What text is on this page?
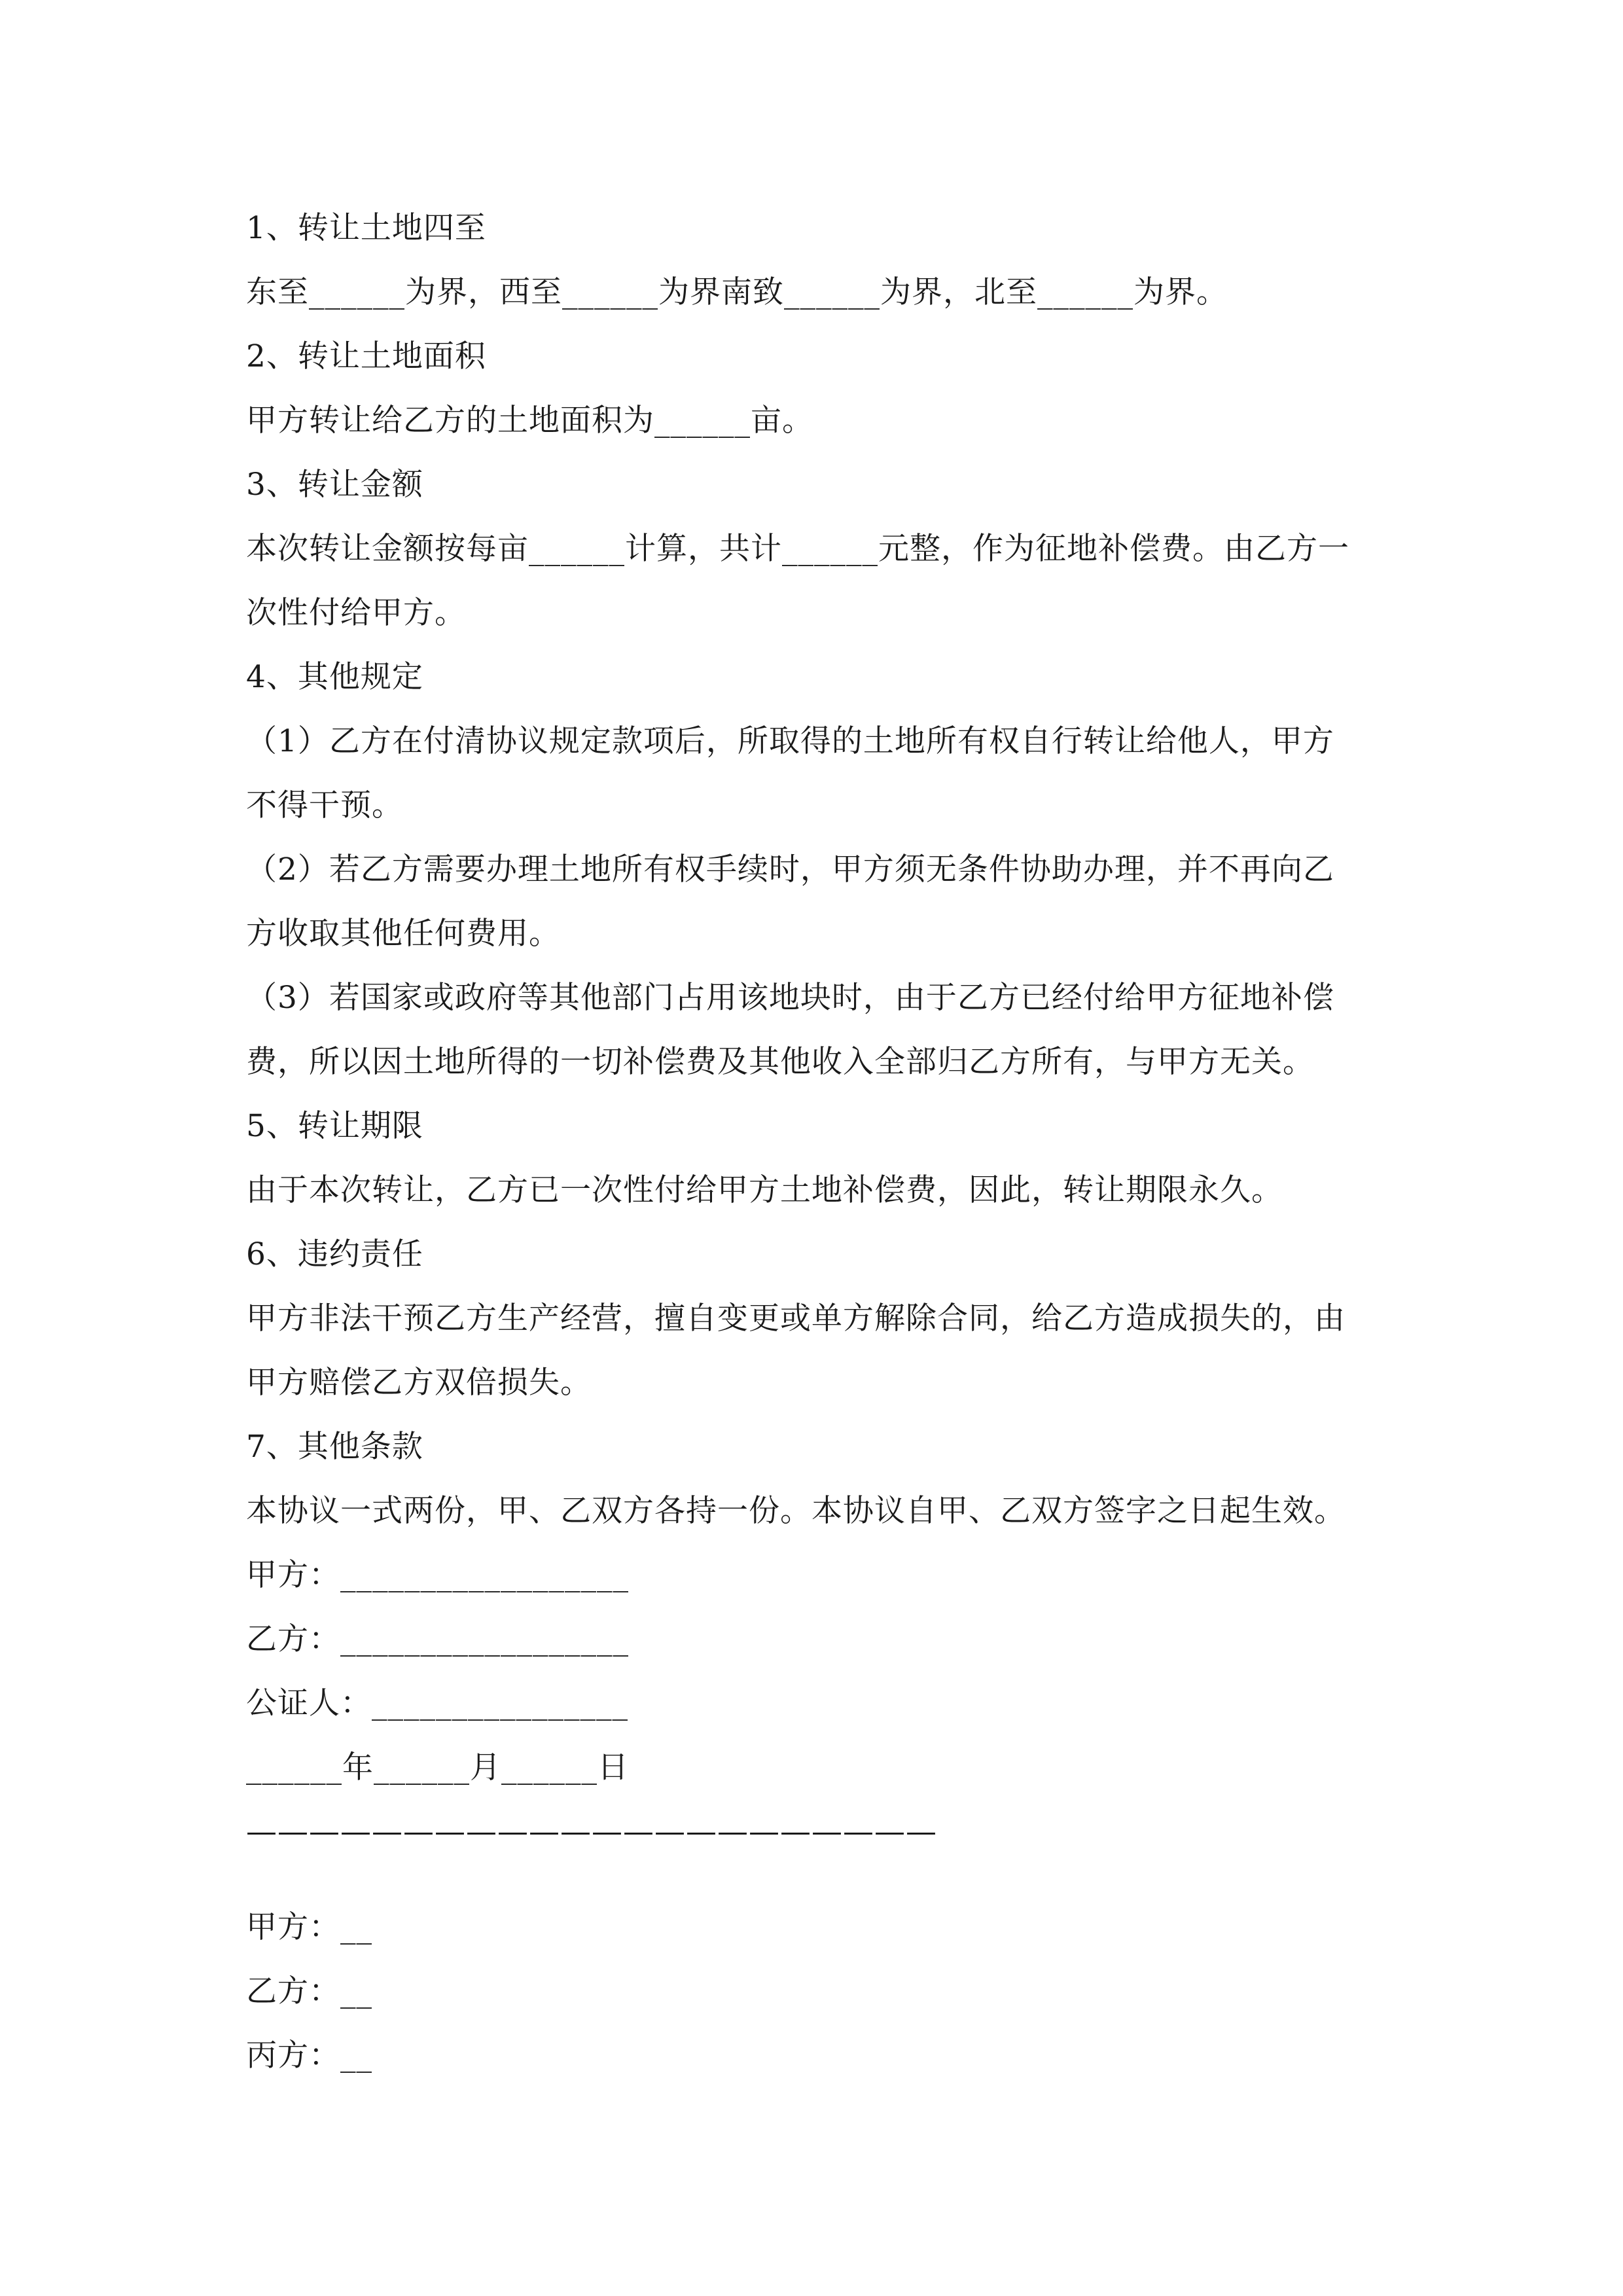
1、转让土地四至
东至______为界，西至______为界南致______为界，北至______为界。
2、转让土地面积
甲方转让给乙方的土地面积为______亩。
3、转让金额
本次转让金额按每亩______计算，共计______元整，作为征地补偿费。由乙方一
次性付给甲方。
4、其他规定
（1）乙方在付清协议规定款项后，所取得的土地所有权自行转让给他人，甲方
不得干预。
（2）若乙方需要办理土地所有权手续时，甲方须无条件协助办理，并不再向乙
方收取其他任何费用。
（3）若国家或政府等其他部门占用该地块时，由于乙方已经付给甲方征地补偿
费，所以因土地所得的一切补偿费及其他收入全部归乙方所有，与甲方无关。
5、转让期限
由于本次转让，乙方已一次性付给甲方土地补偿费，因此，转让期限永久。
6、违约责任
甲方非法干预乙方生产经营，擅自变更或单方解除合同，给乙方造成损失的，由
甲方赔偿乙方双倍损失。
7、其他条款
本协议一式两份，甲、乙双方各持一份。本协议自甲、乙双方签字之日起生效。
甲方：__________________
乙方：__________________
公证人：________________
______年______月______日
——————————————————————
甲方：__
乙方：__
丙方：__
